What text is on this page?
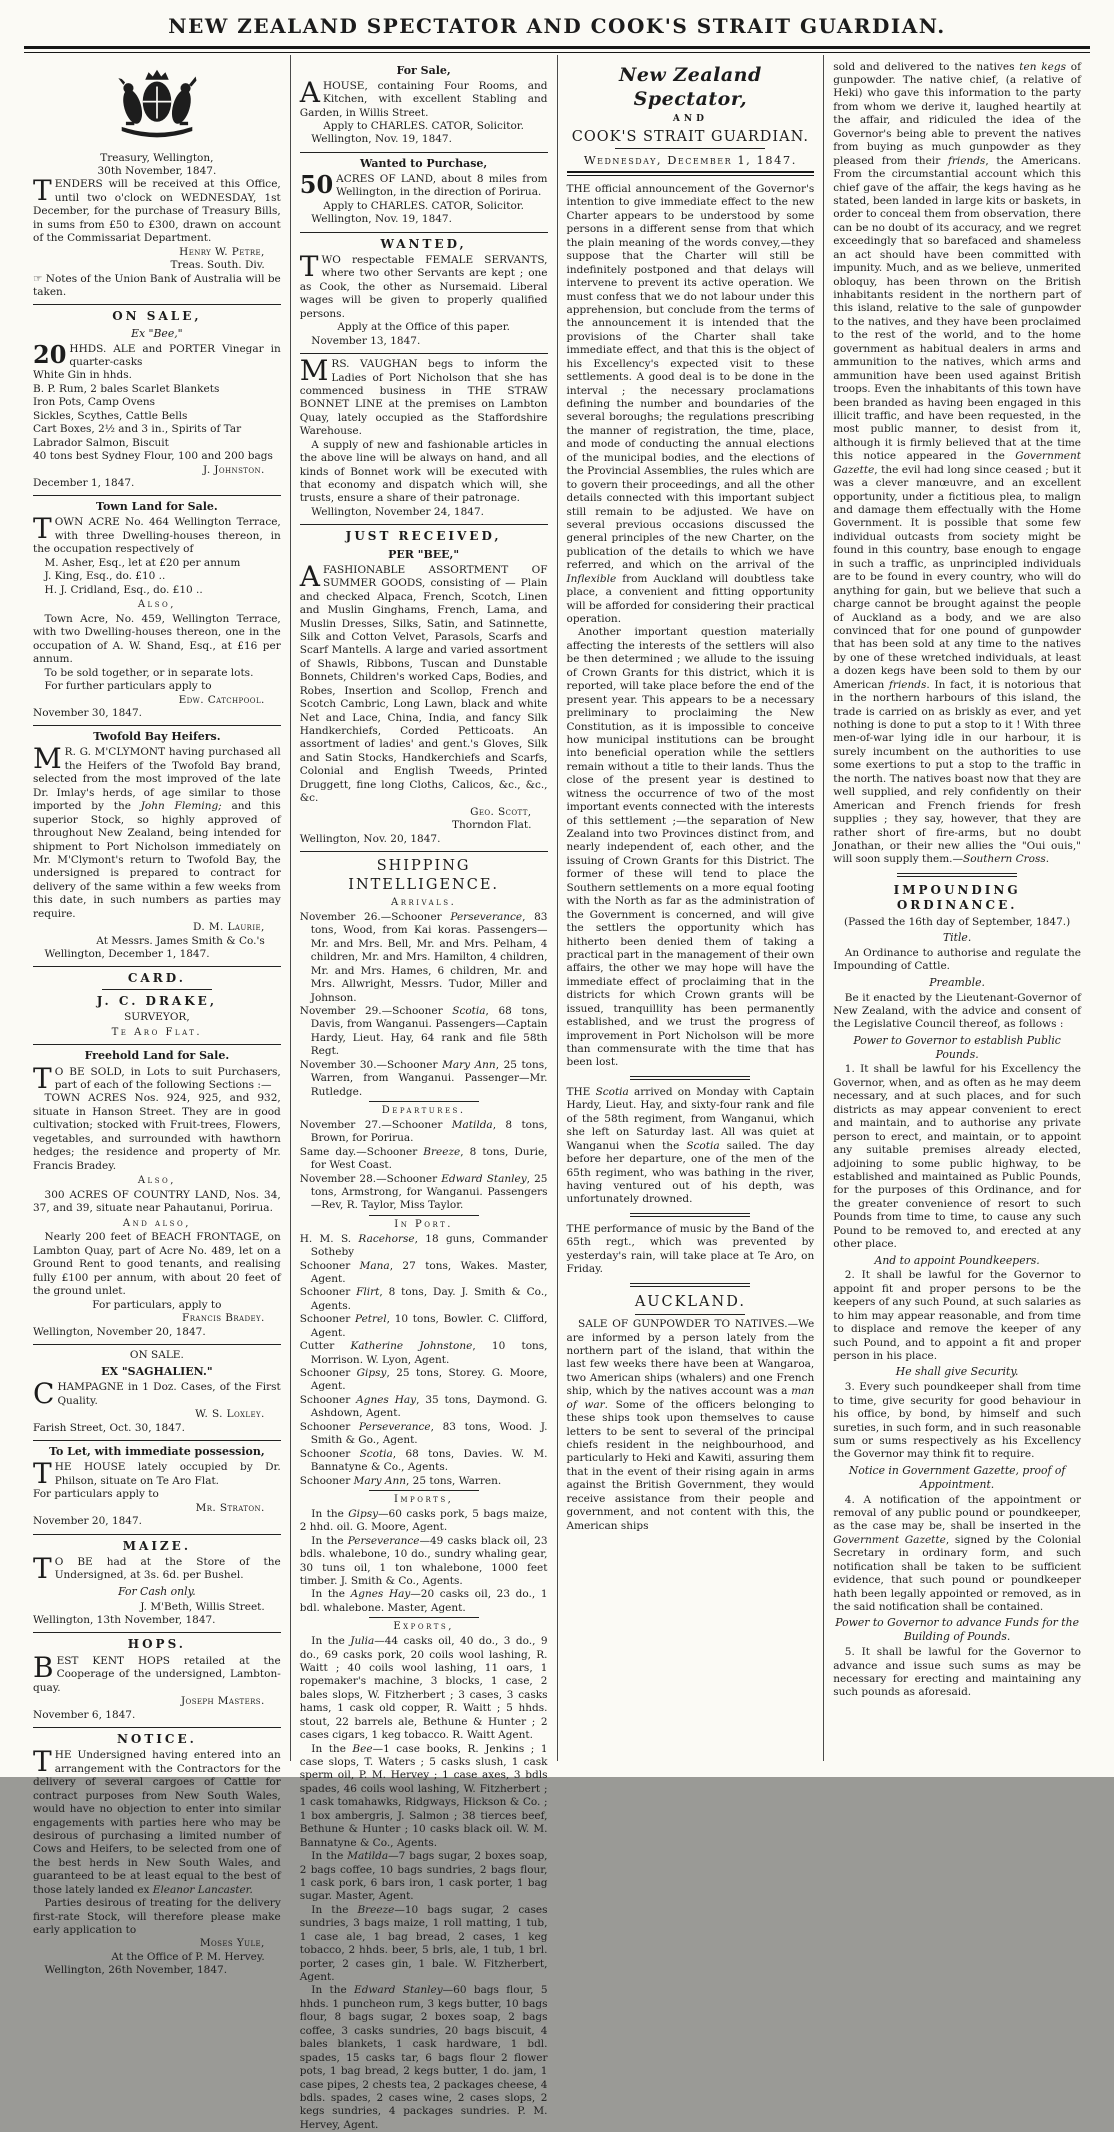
NEW ZEALAND SPECTATOR AND COOK'S STRAIT GUARDIAN.
Treasury, Wellington,
30th November, 1847.

TENDERS will be received at this Office, until two o'clock on WEDNESDAY, 1st December, for the purchase of Treasury Bills, in sums from £50 to £300, drawn on account of the Commissariat Department.

Henry W. Petre,
Treas. South. Div.

☞ Notes of the Union Bank of Australia will be taken.

ON SALE,
Ex "Bee,"

20 HHDS. ALE and PORTER Vinegar in quarter-casks

White Gin in hhds.
B. P. Rum, 2 bales Scarlet Blankets
Iron Pots, Camp Ovens
Sickles, Scythes, Cattle Bells
Cart Boxes, 2½ and 3 in., Spirits of Tar
Labrador Salmon, Biscuit
40 tons best Sydney Flour, 100 and 200 bags
J. Johnston.
December 1, 1847.
Town Land for Sale.

TOWN ACRE No. 464 Wellington Terrace, with three Dwelling-houses thereon, in the occupation respectively of

M. Asher, Esq., let at £20 per annum
J. King, Esq., do. £10 ..
H. J. Cridland, Esq., do. £10 ..
Also,

Town Acre, No. 459, Wellington Terrace, with two Dwelling-houses thereon, one in the occupation of A. W. Shand, Esq., at £16 per annum.

To be sold together, or in separate lots.
For further particulars apply to
Edw. Catchpool.
November 30, 1847.
Twofold Bay Heifers.

M R. G. M'CLYMONT having purchased all the Heifers of the Twofold Bay brand, selected from the most improved of the late Dr. Imlay's herds, of age similar to those imported by the John Fleming; and this superior Stock, so highly approved of throughout New Zealand, being intended for shipment to Port Nicholson immediately on Mr. M'Clymont's return to Twofold Bay, the undersigned is prepared to contract for delivery of the same within a few weeks from this date, in such numbers as parties may require.

D. M. Laurie,
At Messrs. James Smith & Co.'s
Wellington, December 1, 1847.
CARD.
J. C. DRAKE,
SURVEYOR,
Te Aro Flat.
Freehold Land for Sale.

T O BE SOLD, in Lots to suit Purchasers, part of each of the following Sections :—

TOWN ACRES Nos. 924, 925, and 932, situate in Hanson Street. They are in good cultivation; stocked with Fruit-trees, Flowers, vegetables, and surrounded with hawthorn hedges; the residence and property of Mr. Francis Bradey.

Also,

300 ACRES OF COUNTRY LAND, Nos. 34, 37, and 39, situate near Pahautanui, Porirua.

And also,

Nearly 200 feet of BEACH FRONTAGE, on Lambton Quay, part of Acre No. 489, let on a Ground Rent to good tenants, and realising fully £100 per annum, with about 20 feet of the ground unlet.

For particulars, apply to
Francis Bradey.
Wellington, November 20, 1847.
ON SALE.
EX "SAGHALIEN."

CHAMPAGNE in 1 Doz. Cases, of the First Quality.

W. S. Loxley.
Farish Street, Oct. 30, 1847.
To Let, with immediate possession,

THE HOUSE lately occupied by Dr. Philson, situate on Te Aro Flat.

For particulars apply to
Mr. Straton.
November 20, 1847.
MAIZE.

T O BE had at the Store of the Undersigned, at 3s. 6d. per Bushel.

For Cash only.
J. M'Beth, Willis Street.
Wellington, 13th November, 1847.
HOPS.

BEST KENT HOPS retailed at the Cooperage of the undersigned, Lambton-quay.

Joseph Masters.
November 6, 1847.
NOTICE.

THE Undersigned having entered into an arrangement with the Contractors for the delivery of several cargoes of Cattle for contract purposes from New South Wales, would have no objection to enter into similar engagements with parties here who may be desirous of purchasing a limited number of Cows and Heifers, to be selected from one of the best herds in New South Wales, and guaranteed to be at least equal to the best of those lately landed ex Eleanor Lancaster.

Parties desirous of treating for the delivery first-rate Stock, will therefore please make early application to

Moses Yule,
At the Office of P. M. Hervey.
Wellington, 26th November, 1847.
For Sale,

AHOUSE, containing Four Rooms, and Kitchen, with excellent Stabling and Garden, in Willis Street.

Apply to CHARLES. CATOR, Solicitor.
Wellington, Nov. 19, 1847.
Wanted to Purchase,

50 ACRES OF LAND, about 8 miles from Wellington, in the direction of Porirua.

Apply to CHARLES. CATOR, Solicitor.
Wellington, Nov. 19, 1847.
WANTED,

TWO respectable FEMALE SERVANTS, where two other Servants are kept ; one as Cook, the other as Nursemaid. Liberal wages will be given to properly qualified persons.

Apply at the Office of this paper.
November 13, 1847.

MRS. VAUGHAN begs to inform the Ladies of Port Nicholson that she has commenced business in THE STRAW BONNET LINE at the premises on Lambton Quay, lately occupied as the Staffordshire Warehouse.

A supply of new and fashionable articles in the above line will be always on hand, and all kinds of Bonnet work will be executed with that economy and dispatch which will, she trusts, ensure a share of their patronage.

Wellington, November 24, 1847.
JUST RECEIVED,
PER "BEE,"

AFASHIONABLE ASSORTMENT OF SUMMER GOODS, consisting of — Plain and checked Alpaca, French, Scotch, Linen and Muslin Ginghams, French, Lama, and Muslin Dresses, Silks, Satin, and Satinnette, Silk and Cotton Velvet, Parasols, Scarfs and Scarf Mantells. A large and varied assortment of Shawls, Ribbons, Tuscan and Dunstable Bonnets, Children's worked Caps, Bodies, and Robes, Insertion and Scollop, French and Scotch Cambric, Long Lawn, black and white Net and Lace, China, India, and fancy Silk Handkerchiefs, Corded Petticoats. An assortment of ladies' and gent.'s Gloves, Silk and Satin Stocks, Handkerchiefs and Scarfs, Colonial and English Tweeds, Printed Druggett, fine long Cloths, Calicos, &c., &c., &c.

Geo. Scott,
Thorndon Flat.
Wellington, Nov. 20, 1847.
SHIPPING INTELLIGENCE.
Arrivals.

November 26.—Schooner Perseverance, 83 tons, Wood, from Kai koras. Passengers—Mr. and Mrs. Bell, Mr. and Mrs. Pelham, 4 children, Mr. and Mrs. Hamilton, 4 children, Mr. and Mrs. Hames, 6 children, Mr. and Mrs. Allwright, Messrs. Tudor, Miller and Johnson.

November 29.—Schooner Scotia, 68 tons, Davis, from Wanganui. Passengers—Captain Hardy, Lieut. Hay, 64 rank and file 58th Regt.

November 30.—Schooner Mary Ann, 25 tons, Warren, from Wanganui. Passenger—Mr. Rutledge.

Departures.

November 27.—Schooner Matilda, 8 tons, Brown, for Porirua.

Same day.—Schooner Breeze, 8 tons, Durie, for West Coast.

November 28.—Schooner Edward Stanley, 25 tons, Armstrong, for Wanganui. Passengers—Rev, R. Taylor, Miss Taylor.

In Port.

H. M. S. Racehorse, 18 guns, Commander Sotheby

Schooner Mana, 27 tons, Wakes. Master, Agent.

Schooner Flirt, 8 tons, Day. J. Smith & Co., Agents.

Schooner Petrel, 10 tons, Bowler. C. Clifford, Agent.

Cutter Katherine Johnstone, 10 tons, Morrison. W. Lyon, Agent.

Schooner Gipsy, 25 tons, Storey. G. Moore, Agent.

Schooner Agnes Hay, 35 tons, Daymond. G. Ashdown, Agent.

Schooner Perseverance, 83 tons, Wood. J. Smith & Go., Agent.

Schooner Scotia, 68 tons, Davies. W. M. Bannatyne & Co., Agents.

Schooner Mary Ann, 25 tons, Warren.

Imports,

In the Gipsy—60 casks pork, 5 bags maize, 2 hhd. oil. G. Moore, Agent.

In the Perseverance—49 casks black oil, 23 bdls. whalebone, 10 do., sundry whaling gear, 30 tuns oil, 1 ton whalebone, 1000 feet timber. J. Smith & Co., Agents.

In the Agnes Hay—20 casks oil, 23 do., 1 bdl. whalebone. Master, Agent.

Exports,

In the Julia—44 casks oil, 40 do., 3 do., 9 do., 69 casks pork, 20 coils wool lashing, R. Waitt ; 40 coils wool lashing, 11 oars, 1 ropemaker's machine, 3 blocks, 1 case, 2 bales slops, W. Fitzherbert ; 3 cases, 3 casks hams, 1 cask old copper, R. Waitt ; 5 hhds. stout, 22 barrels ale, Bethune & Hunter ; 2 cases cigars, 1 keg tobacco. R. Waitt Agent.

In the Bee—1 case books, R. Jenkins ; 1 case slops, T. Waters ; 5 casks slush, 1 cask sperm oil, P. M. Hervey ; 1 case axes, 3 bdls spades, 46 coils wool lashing, W. Fitzherbert ; 1 cask tomahawks, Ridgways, Hickson & Co. ; 1 box ambergris, J. Salmon ; 38 tierces beef, Bethune & Hunter ; 10 casks black oil. W. M. Bannatyne & Co., Agents.

In the Matilda—7 bags sugar, 2 boxes soap, 2 bags coffee, 10 bags sundries, 2 bags flour, 1 cask pork, 6 bars iron, 1 cask porter, 1 bag sugar. Master, Agent.

In the Breeze—10 bags sugar, 2 cases sundries, 3 bags maize, 1 roll matting, 1 tub, 1 case ale, 1 bag bread, 2 cases, 1 keg tobacco, 2 hhds. beer, 5 brls, ale, 1 tub, 1 brl. porter, 2 cases gin, 1 bale. W. Fitzherbert, Agent.

In the Edward Stanley—60 bags flour, 5 hhds. 1 puncheon rum, 3 kegs butter, 10 bags flour, 8 bags sugar, 2 boxes soap, 2 bags coffee, 3 casks sundries, 20 bags biscuit, 4 bales blankets, 1 cask hardware, 1 bdl. spades, 15 casks tar, 6 bags flour 2 flower pots, 1 bag bread, 2 kegs butter, 1 do. jam, 1 case pipes, 2 chests tea, 2 packages cheese, 4 bdls. spades, 2 cases wine, 2 cases slops, 2 kegs sundries, 4 packages sundries. P. M. Hervey, Agent.

New Zealand Spectator,
AND
COOK'S STRAIT GUARDIAN.
Wednesday, December 1, 1847.

THE official announcement of the Governor's intention to give immediate effect to the new Charter appears to be understood by some persons in a different sense from that which the plain meaning of the words convey,—they suppose that the Charter will still be indefinitely postponed and that delays will intervene to prevent its active operation. We must confess that we do not labour under this apprehension, but conclude from the terms of the announcement it is intended that the provisions of the Charter shall take immediate effect, and that this is the object of his Excellency's expected visit to these settlements. A good deal is to be done in the interval ; the necessary proclamations defining the number and boundaries of the several boroughs; the regulations prescribing the manner of registration, the time, place, and mode of conducting the annual elections of the municipal bodies, and the elections of the Provincial Assemblies, the rules which are to govern their proceedings, and all the other details connected with this important subject still remain to be adjusted. We have on several previous occasions discussed the general principles of the new Charter, on the publication of the details to which we have referred, and which on the arrival of the Inflexible from Auckland will doubtless take place, a convenient and fitting opportunity will be afforded for considering their practical operation.

Another important question materially affecting the interests of the settlers will also be then determined ; we allude to the issuing of Crown Grants for this district, which it is reported, will take place before the end of the present year. This appears to be a necessary preliminary to proclaiming the New Constitution, as it is impossible to conceive how municipal institutions can be brought into beneficial operation while the settlers remain without a title to their lands. Thus the close of the present year is destined to witness the occurrence of two of the most important events connected with the interests of this settlement ;—the separation of New Zealand into two Provinces distinct from, and nearly independent of, each other, and the issuing of Crown Grants for this District. The former of these will tend to place the Southern settlements on a more equal footing with the North as far as the administration of the Government is concerned, and will give the settlers the opportunity which has hitherto been denied them of taking a practical part in the management of their own affairs, the other we may hope will have the immediate effect of proclaiming that in the districts for which Crown grants will be issued, tranquillity has been permanently established, and we trust the progress of improvement in Port Nicholson will be more than commensurate with the time that has been lost.

THE Scotia arrived on Monday with Captain Hardy, Lieut. Hay, and sixty-four rank and file of the 58th regiment, from Wanganui, which she left on Saturday last. All was quiet at Wanganui when the Scotia sailed. The day before her departure, one of the men of the 65th regiment, who was bathing in the river, having ventured out of his depth, was unfortunately drowned.

THE performance of music by the Band of the 65th regt., which was prevented by yesterday's rain, will take place at Te Aro, on Friday.

AUCKLAND.

SALE OF GUNPOWDER TO NATIVES.—We are informed by a person lately from the northern part of the island, that within the last few weeks there have been at Wangaroa, two American ships (whalers) and one French ship, which by the natives account was a man of war. Some of the officers belonging to these ships took upon themselves to cause letters to be sent to several of the principal chiefs resident in the neighbourhood, and particularly to Heki and Kawiti, assuring them that in the event of their rising again in arms against the British Government, they would receive assistance from their people and government, and not content with this, the American ships

sold and delivered to the natives ten kegs of gunpowder. The native chief, (a relative of Heki) who gave this information to the party from whom we derive it, laughed heartily at the affair, and ridiculed the idea of the Governor's being able to prevent the natives from buying as much gunpowder as they pleased from their friends, the Americans. From the circumstantial account which this chief gave of the affair, the kegs having as he stated, been landed in large kits or baskets, in order to conceal them from observation, there can be no doubt of its accuracy, and we regret exceedingly that so barefaced and shameless an act should have been committed with impunity. Much, and as we believe, unmerited obloquy, has been thrown on the British inhabitants resident in the northern part of this island, relative to the sale of gunpowder to the natives, and they have been proclaimed to the rest of the world, and to the home government as habitual dealers in arms and ammunition to the natives, which arms and ammunition have been used against British troops. Even the inhabitants of this town have been branded as having been engaged in this illicit traffic, and have been requested, in the most public manner, to desist from it, although it is firmly believed that at the time this notice appeared in the Government Gazette, the evil had long since ceased ; but it was a clever manœuvre, and an excellent opportunity, under a fictitious plea, to malign and damage them effectually with the Home Government. It is possible that some few individual outcasts from society might be found in this country, base enough to engage in such a traffic, as unprincipled individuals are to be found in every country, who will do anything for gain, but we believe that such a charge cannot be brought against the people of Auckland as a body, and we are also convinced that for one pound of gunpowder that has been sold at any time to the natives by one of these wretched individuals, at least a dozen kegs have been sold to them by our American friends. In fact, it is notorious that in the northern harbours of this island, the trade is carried on as briskly as ever, and yet nothing is done to put a stop to it ! With three men-of-war lying idle in our harbour, it is surely incumbent on the authorities to use some exertions to put a stop to the traffic in the north. The natives boast now that they are well supplied, and rely confidently on their American and French friends for fresh supplies ; they say, however, that they are rather short of fire-arms, but no doubt Jonathan, or their new allies the "Oui ouis," will soon supply them.—Southern Cross.

IMPOUNDING ORDINANCE.
(Passed the 16th day of September, 1847.)
Title.

An Ordinance to authorise and regulate the Impounding of Cattle.

Preamble.

Be it enacted by the Lieutenant-Governor of New Zealand, with the advice and consent of the Legislative Council thereof, as follows :

Power to Governor to establish Public Pounds.

1. It shall be lawful for his Excellency the Governor, when, and as often as he may deem necessary, and at such places, and for such districts as may appear convenient to erect and maintain, and to authorise any private person to erect, and maintain, or to appoint any suitable premises already elected, adjoining to some public highway, to be established and maintained as Public Pounds, for the purposes of this Ordinance, and for the greater convenience of resort to such Pounds from time to time, to cause any such Pound to be removed to, and erected at any other place.

And to appoint Poundkeepers.

2. It shall be lawful for the Governor to appoint fit and proper persons to be the keepers of any such Pound, at such salaries as to him may appear reasonable, and from time to displace and remove the keeper of any such Pound, and to appoint a fit and proper person in his place.

He shall give Security.

3. Every such poundkeeper shall from time to time, give security for good behaviour in his office, by bond, by himself and such sureties, in such form, and in such reasonable sum or sums respectively as his Excellency the Governor may think fit to require.

Notice in Government Gazette, proof of Appointment.

4. A notification of the appointment or removal of any public pound or poundkeeper, as the case may be, shall be inserted in the Government Gazette, signed by the Colonial Secretary in ordinary form, and such notification shall be taken to be sufficient evidence, that such pound or poundkeeper hath been legally appointed or removed, as in the said notification shall be contained.

Power to Governor to advance Funds for the Building of Pounds.

5. It shall be lawful for the Governor to advance and issue such sums as may be necessary for erecting and maintaining any such pounds as aforesaid.
